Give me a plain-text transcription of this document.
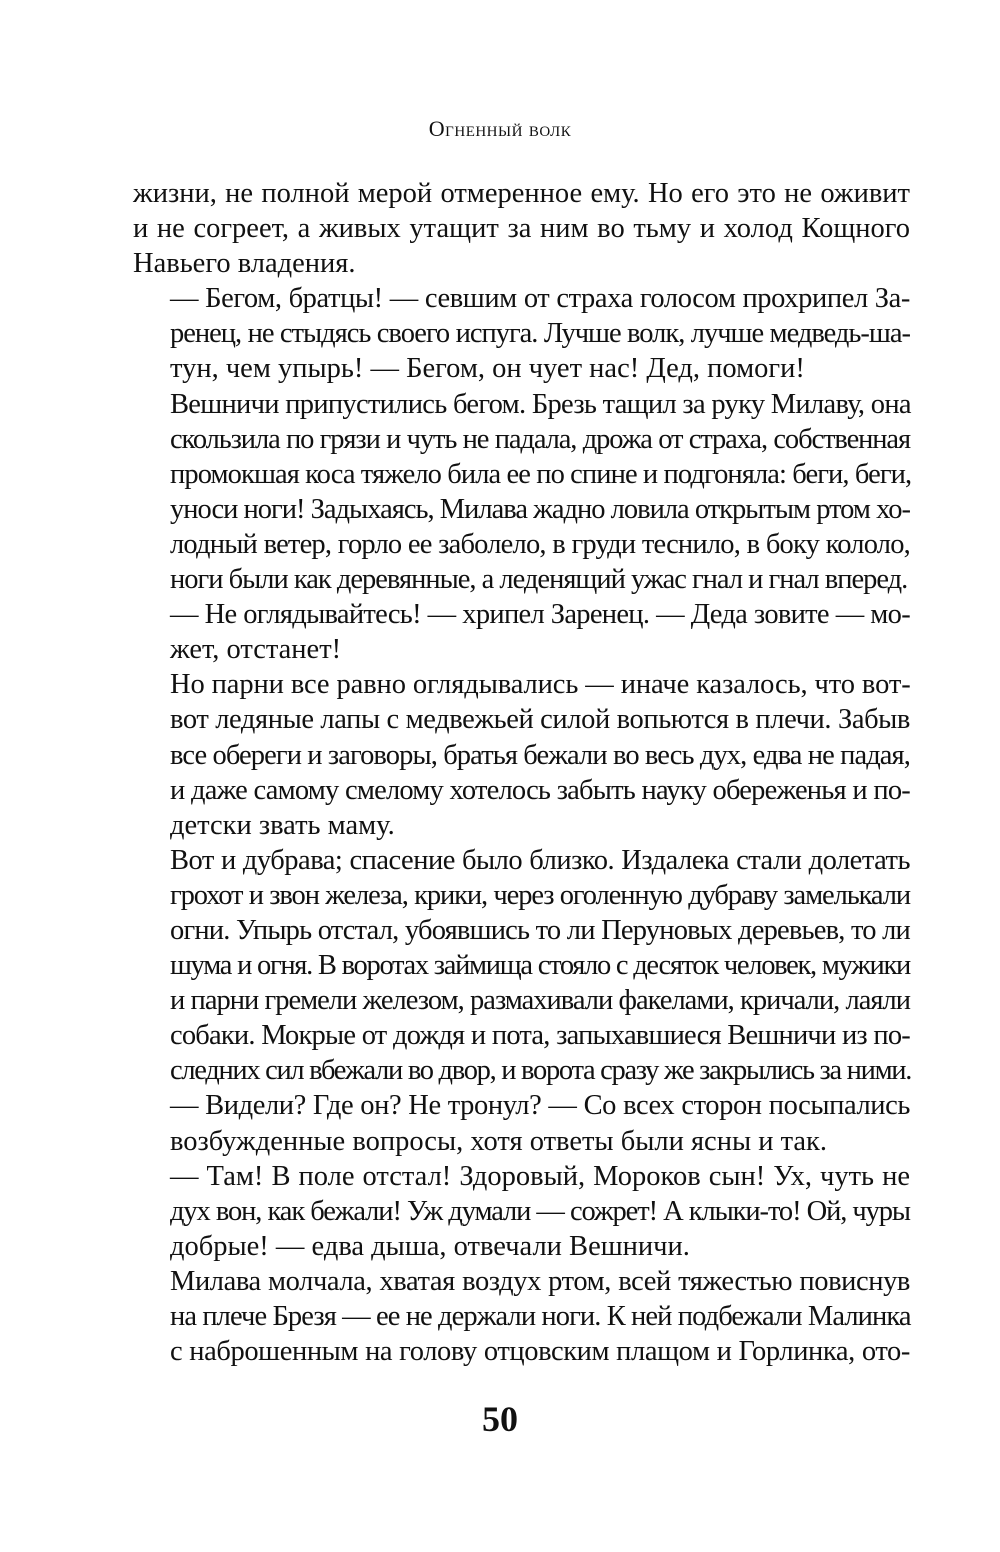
Огненный волк
жизни, не полной мерой отмеренное ему. Но его это не оживит
и не согреет, а живых утащит за ним во тьму и холод Кощного
Навьего владения.
— Бегом, братцы! — севшим от страха голосом прохрипел За-
ренец, не стыдясь своего испуга. Лучше волк, лучше медведь-ша-
тун, чем упырь! — Бегом, он чует нас! Дед, помоги!
Вешничи припустились бегом. Брезь тащил за руку Милаву, она
скользила по грязи и чуть не падала, дрожа от страха, собственная
промокшая коса тяжело била ее по спине и подгоняла: беги, беги,
уноси ноги! Задыхаясь, Милава жадно ловила открытым ртом хо-
лодный ветер, горло ее заболело, в груди теснило, в боку кололо,
ноги были как деревянные, а леденящий ужас гнал и гнал вперед.
— Не оглядывайтесь! — хрипел Заренец. — Деда зовите — мо-
жет, отстанет!
Но парни все равно оглядывались — иначе казалось, что вот-
вот ледяные лапы с медвежьей силой вопьются в плечи. Забыв
все обереги и заговоры, братья бежали во весь дух, едва не падая,
и даже самому смелому хотелось забыть науку обереженья и по-
детски звать маму.
Вот и дубрава; спасение было близко. Издалека стали долетать
грохот и звон железа, крики, через оголенную дубраву замелькали
огни. Упырь отстал, убоявшись то ли Перуновых деревьев, то ли
шума и огня. В воротах займища стояло с десяток человек, мужики
и парни гремели железом, размахивали факелами, кричали, лаяли
собаки. Мокрые от дождя и пота, запыхавшиеся Вешничи из по-
следних сил вбежали во двор, и ворота сразу же закрылись за ними.
— Видели? Где он? Не тронул? — Со всех сторон посыпались
возбужденные вопросы, хотя ответы были ясны и так.
— Там! В поле отстал! Здоровый, Мороков сын! Ух, чуть не
дух вон, как бежали! Уж думали — сожрет! А клыки-то! Ой, чуры
добрые! — едва дыша, отвечали Вешничи.
Милава молчала, хватая воздух ртом, всей тяжестью повиснув
на плече Брезя — ее не держали ноги. К ней подбежали Малинка
с наброшенным на голову отцовским плащом и Горлинка, ото-
50
